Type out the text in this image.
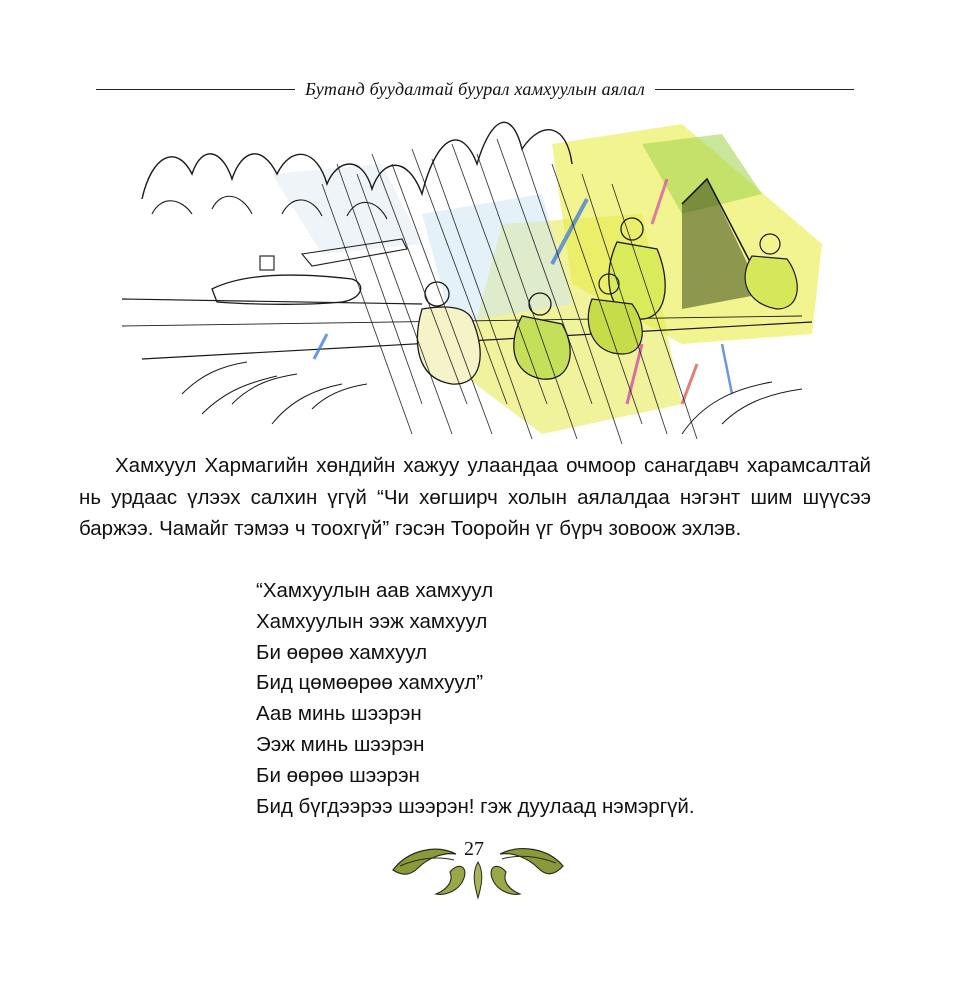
Бутанд буудалтай буурал хамхуулын аялал

Хамхуул Хармагийн хөндийн хажуу улаандаа очмоор санагдавч харамсалтай нь урдаас үлээх салхин үгүй “Чи хөгширч холын аялалдаа нэгэнт шим шүүсээ баржээ. Чамайг тэмээ ч тоохгүй” гэсэн Тооройн үг бүрч зовоож эхлэв.

“Хамхуулын аав хамхуул
Хамхуулын ээж хамхуул
Би өөрөө хамхуул
Бид цөмөөрөө хамхуул”
Аав минь шээрэн
Ээж минь шээрэн
Би өөрөө шээрэн
Бид бүгдээрээ шээрэн! гэж дуулаад нэмэргүй.
27
